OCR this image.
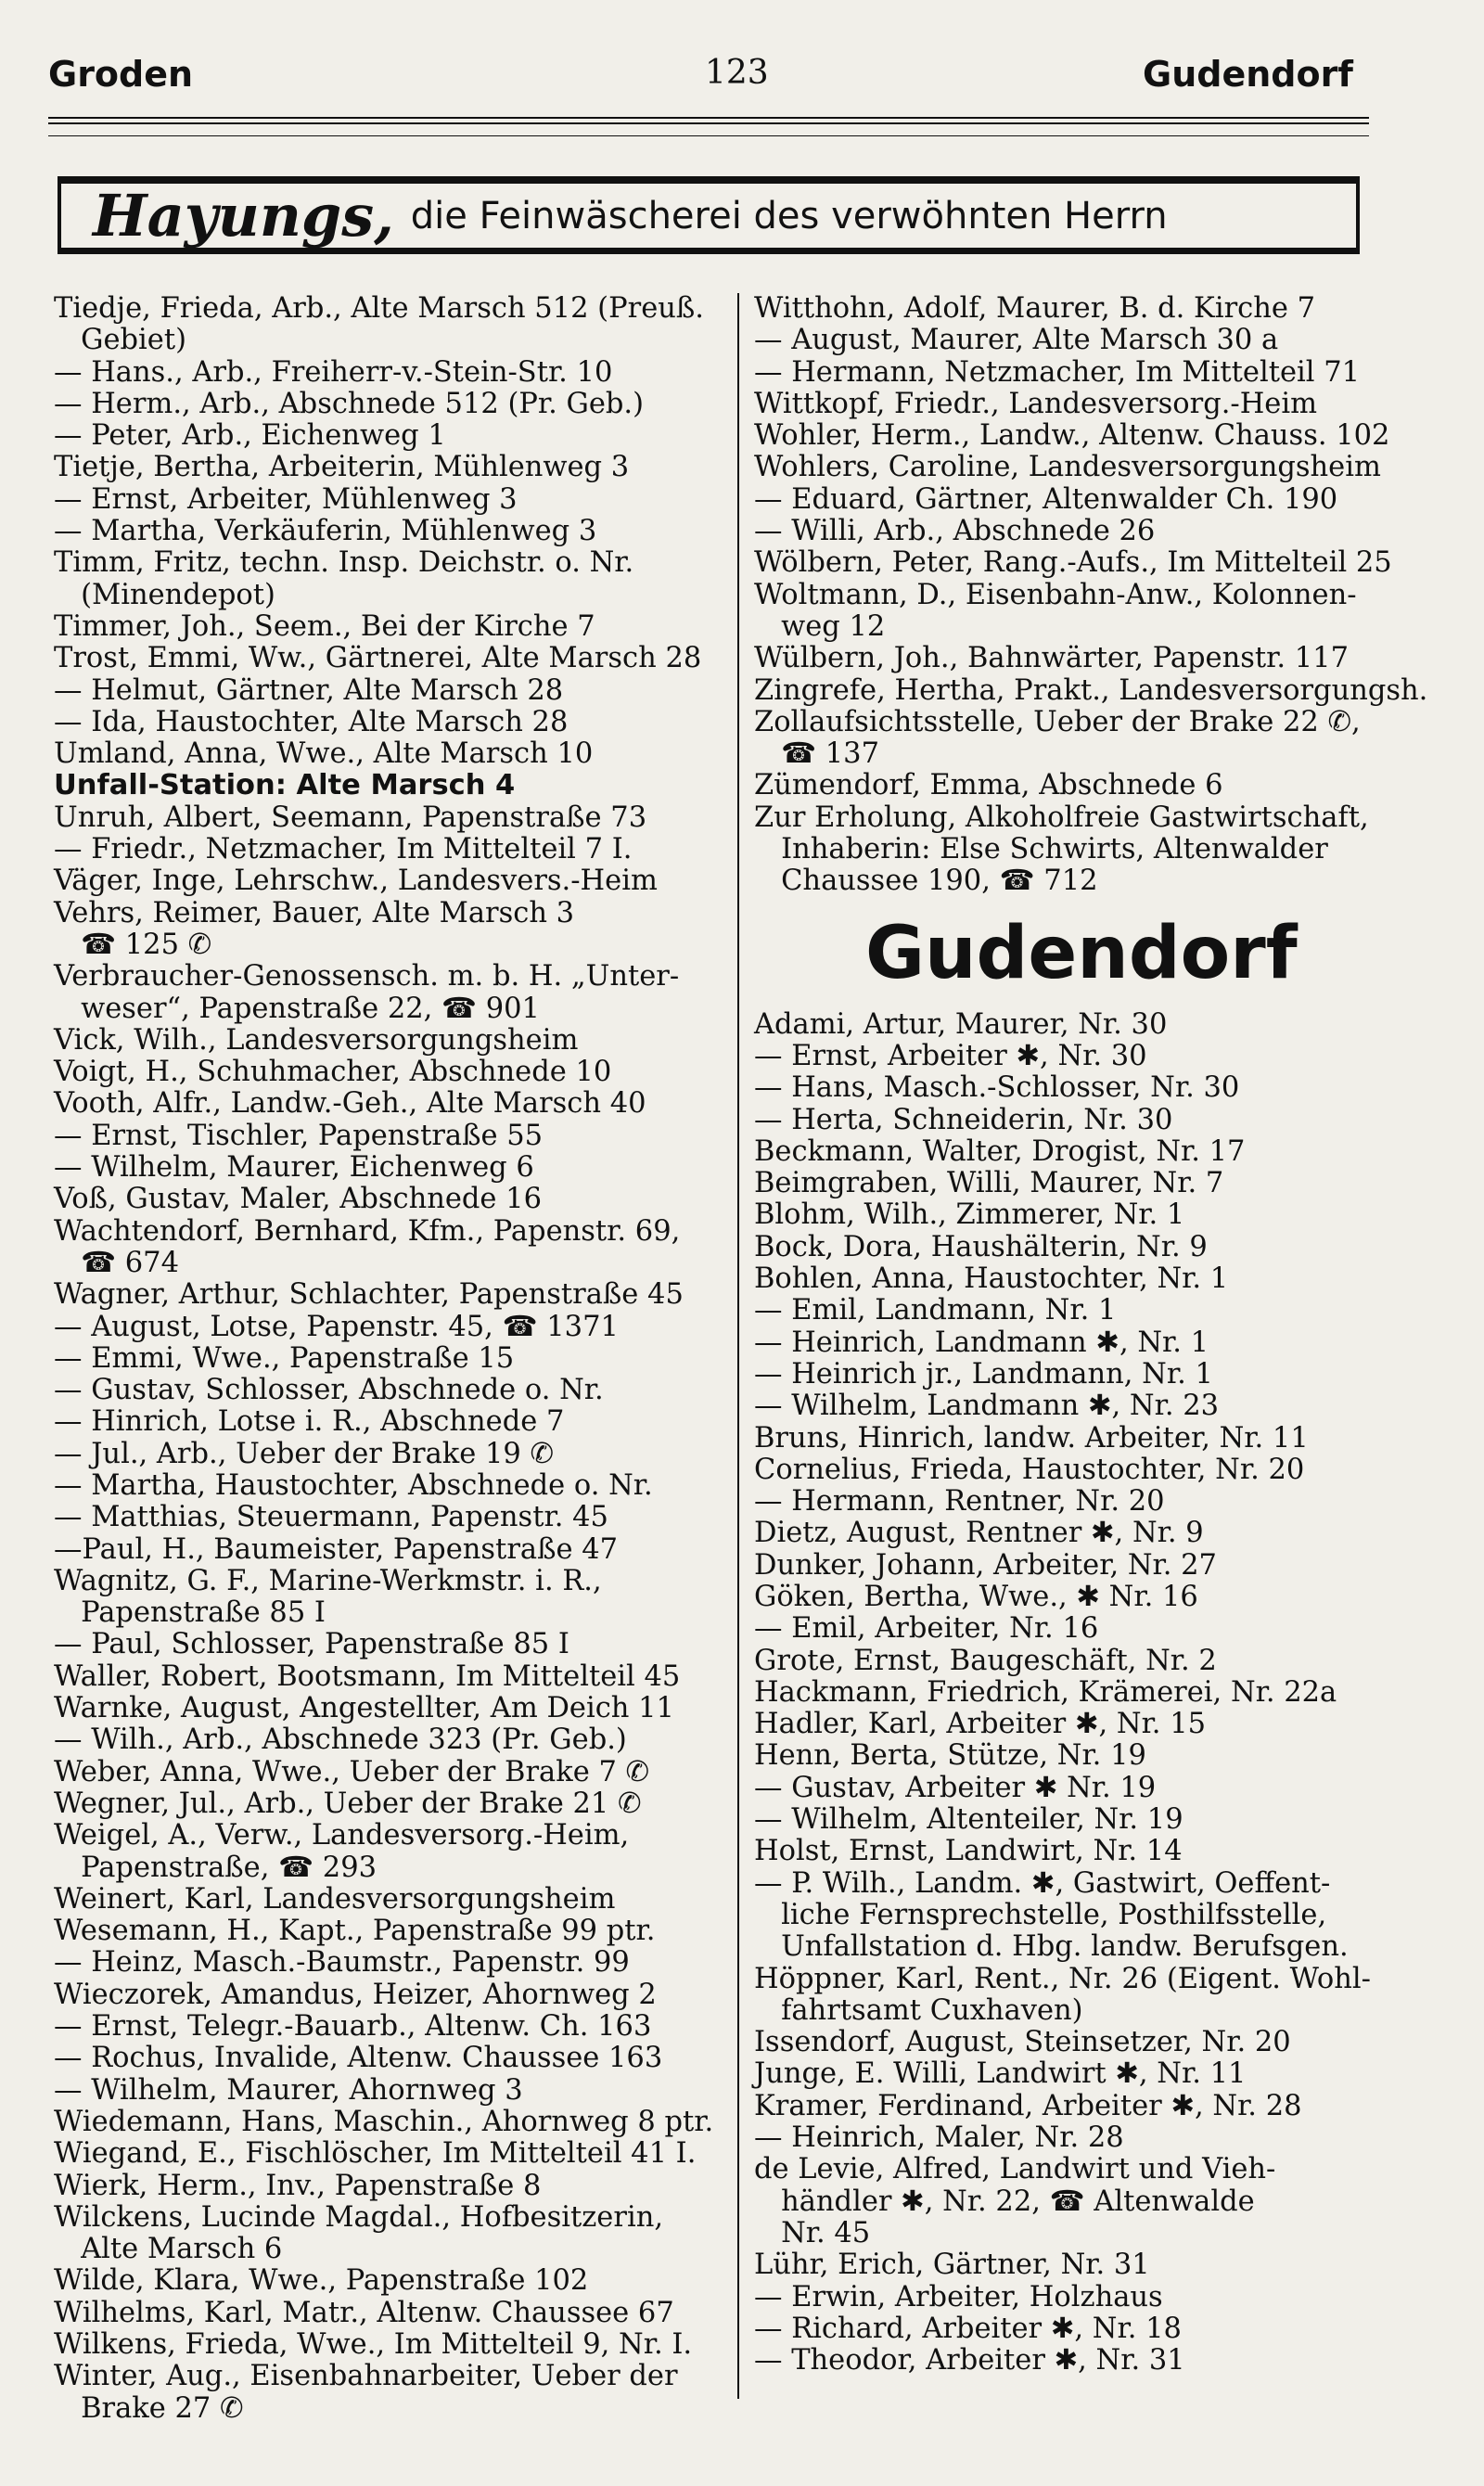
Groden	123	Gudendorf
Hayungs, die Feinwäscherei des verwöhnten Herrn
Tiedje, Frieda, Arb., Alte Marsch 512 (Preuß.
Gebiet)
— Hans., Arb., Freiherr-v.-Stein-Str. 10
— Herm., Arb., Abschnede 512 (Pr. Geb.)
— Peter, Arb., Eichenweg 1
Tietje, Bertha, Arbeiterin, Mühlenweg 3
— Ernst, Arbeiter, Mühlenweg 3
— Martha, Verkäuferin, Mühlenweg 3
Timm, Fritz, techn. Insp. Deichstr. o. Nr.
(Minendepot)
Timmer, Joh., Seem., Bei der Kirche 7
Trost, Emmi, Ww., Gärtnerei, Alte Marsch 28
— Helmut, Gärtner, Alte Marsch 28
— Ida, Haustochter, Alte Marsch 28
Umland, Anna, Wwe., Alte Marsch 10
Unfall-Station: Alte Marsch 4
Unruh, Albert, Seemann, Papenstraße 73
— Friedr., Netzmacher, Im Mittelteil 7 I.
Väger, Inge, Lehrschw., Landesvers.-Heim
Vehrs, Reimer, Bauer, Alte Marsch 3
☎ 125 ✆
Verbraucher-Genossensch. m. b. H. „Unter-
weser“, Papenstraße 22, ☎ 901
Vick, Wilh., Landesversorgungsheim
Voigt, H., Schuhmacher, Abschnede 10
Vooth, Alfr., Landw.-Geh., Alte Marsch 40
— Ernst, Tischler, Papenstraße 55
— Wilhelm, Maurer, Eichenweg 6
Voß, Gustav, Maler, Abschnede 16
Wachtendorf, Bernhard, Kfm., Papenstr. 69,
☎ 674
Wagner, Arthur, Schlachter, Papenstraße 45
— August, Lotse, Papenstr. 45, ☎ 1371
— Emmi, Wwe., Papenstraße 15
— Gustav, Schlosser, Abschnede o. Nr.
— Hinrich, Lotse i. R., Abschnede 7
— Jul., Arb., Ueber der Brake 19 ✆
— Martha, Haustochter, Abschnede o. Nr.
— Matthias, Steuermann, Papenstr. 45
—Paul, H., Baumeister, Papenstraße 47
Wagnitz, G. F., Marine-Werkmstr. i. R.,
Papenstraße 85 I
— Paul, Schlosser, Papenstraße 85 I
Waller, Robert, Bootsmann, Im Mittelteil 45
Warnke, August, Angestellter, Am Deich 11
— Wilh., Arb., Abschnede 323 (Pr. Geb.)
Weber, Anna, Wwe., Ueber der Brake 7 ✆
Wegner, Jul., Arb., Ueber der Brake 21 ✆
Weigel, A., Verw., Landesversorg.-Heim,
Papenstraße, ☎ 293
Weinert, Karl, Landesversorgungsheim
Wesemann, H., Kapt., Papenstraße 99 ptr.
— Heinz, Masch.-Baumstr., Papenstr. 99
Wieczorek, Amandus, Heizer, Ahornweg 2
— Ernst, Telegr.-Bauarb., Altenw. Ch. 163
— Rochus, Invalide, Altenw. Chaussee 163
— Wilhelm, Maurer, Ahornweg 3
Wiedemann, Hans, Maschin., Ahornweg 8 ptr.
Wiegand, E., Fischlöscher, Im Mittelteil 41 I.
Wierk, Herm., Inv., Papenstraße 8
Wilckens, Lucinde Magdal., Hofbesitzerin,
Alte Marsch 6
Wilde, Klara, Wwe., Papenstraße 102
Wilhelms, Karl, Matr., Altenw. Chaussee 67
Wilkens, Frieda, Wwe., Im Mittelteil 9, Nr. I.
Winter, Aug., Eisenbahnarbeiter, Ueber der
Brake 27 ✆
Witthohn, Adolf, Maurer, B. d. Kirche 7
— August, Maurer, Alte Marsch 30 a
— Hermann, Netzmacher, Im Mittelteil 71
Wittkopf, Friedr., Landesversorg.-Heim
Wohler, Herm., Landw., Altenw. Chauss. 102
Wohlers, Caroline, Landesversorgungsheim
— Eduard, Gärtner, Altenwalder Ch. 190
— Willi, Arb., Abschnede 26
Wölbern, Peter, Rang.-Aufs., Im Mittelteil 25
Woltmann, D., Eisenbahn-Anw., Kolonnen-
weg 12
Wülbern, Joh., Bahnwärter, Papenstr. 117
Zingrefe, Hertha, Prakt., Landesversorgungsh.
Zollaufsichtsstelle, Ueber der Brake 22 ✆,
☎ 137
Zümendorf, Emma, Abschnede 6
Zur Erholung, Alkoholfreie Gastwirtschaft,
Inhaberin: Else Schwirts, Altenwalder
Chaussee 190, ☎ 712
Gudendorf
Adami, Artur, Maurer, Nr. 30
— Ernst, Arbeiter ✱, Nr. 30
— Hans, Masch.-Schlosser, Nr. 30
— Herta, Schneiderin, Nr. 30
Beckmann, Walter, Drogist, Nr. 17
Beimgraben, Willi, Maurer, Nr. 7
Blohm, Wilh., Zimmerer, Nr. 1
Bock, Dora, Haushälterin, Nr. 9
Bohlen, Anna, Haustochter, Nr. 1
— Emil, Landmann, Nr. 1
— Heinrich, Landmann ✱, Nr. 1
— Heinrich jr., Landmann, Nr. 1
— Wilhelm, Landmann ✱, Nr. 23
Bruns, Hinrich, landw. Arbeiter, Nr. 11
Cornelius, Frieda, Haustochter, Nr. 20
— Hermann, Rentner, Nr. 20
Dietz, August, Rentner ✱, Nr. 9
Dunker, Johann, Arbeiter, Nr. 27
Göken, Bertha, Wwe., ✱ Nr. 16
— Emil, Arbeiter, Nr. 16
Grote, Ernst, Baugeschäft, Nr. 2
Hackmann, Friedrich, Krämerei, Nr. 22a
Hadler, Karl, Arbeiter ✱, Nr. 15
Henn, Berta, Stütze, Nr. 19
— Gustav, Arbeiter ✱ Nr. 19
— Wilhelm, Altenteiler, Nr. 19
Holst, Ernst, Landwirt, Nr. 14
— P. Wilh., Landm. ✱, Gastwirt, Oeffent-
liche Fernsprechstelle, Posthilfsstelle,
Unfallstation d. Hbg. landw. Berufsgen.
Höppner, Karl, Rent., Nr. 26 (Eigent. Wohl-
fahrtsamt Cuxhaven)
Issendorf, August, Steinsetzer, Nr. 20
Junge, E. Willi, Landwirt ✱, Nr. 11
Kramer, Ferdinand, Arbeiter ✱, Nr. 28
— Heinrich, Maler, Nr. 28
de Levie, Alfred, Landwirt und Vieh-
händler ✱, Nr. 22, ☎ Altenwalde
Nr. 45
Lühr, Erich, Gärtner, Nr. 31
— Erwin, Arbeiter, Holzhaus
— Richard, Arbeiter ✱, Nr. 18
— Theodor, Arbeiter ✱, Nr. 31
